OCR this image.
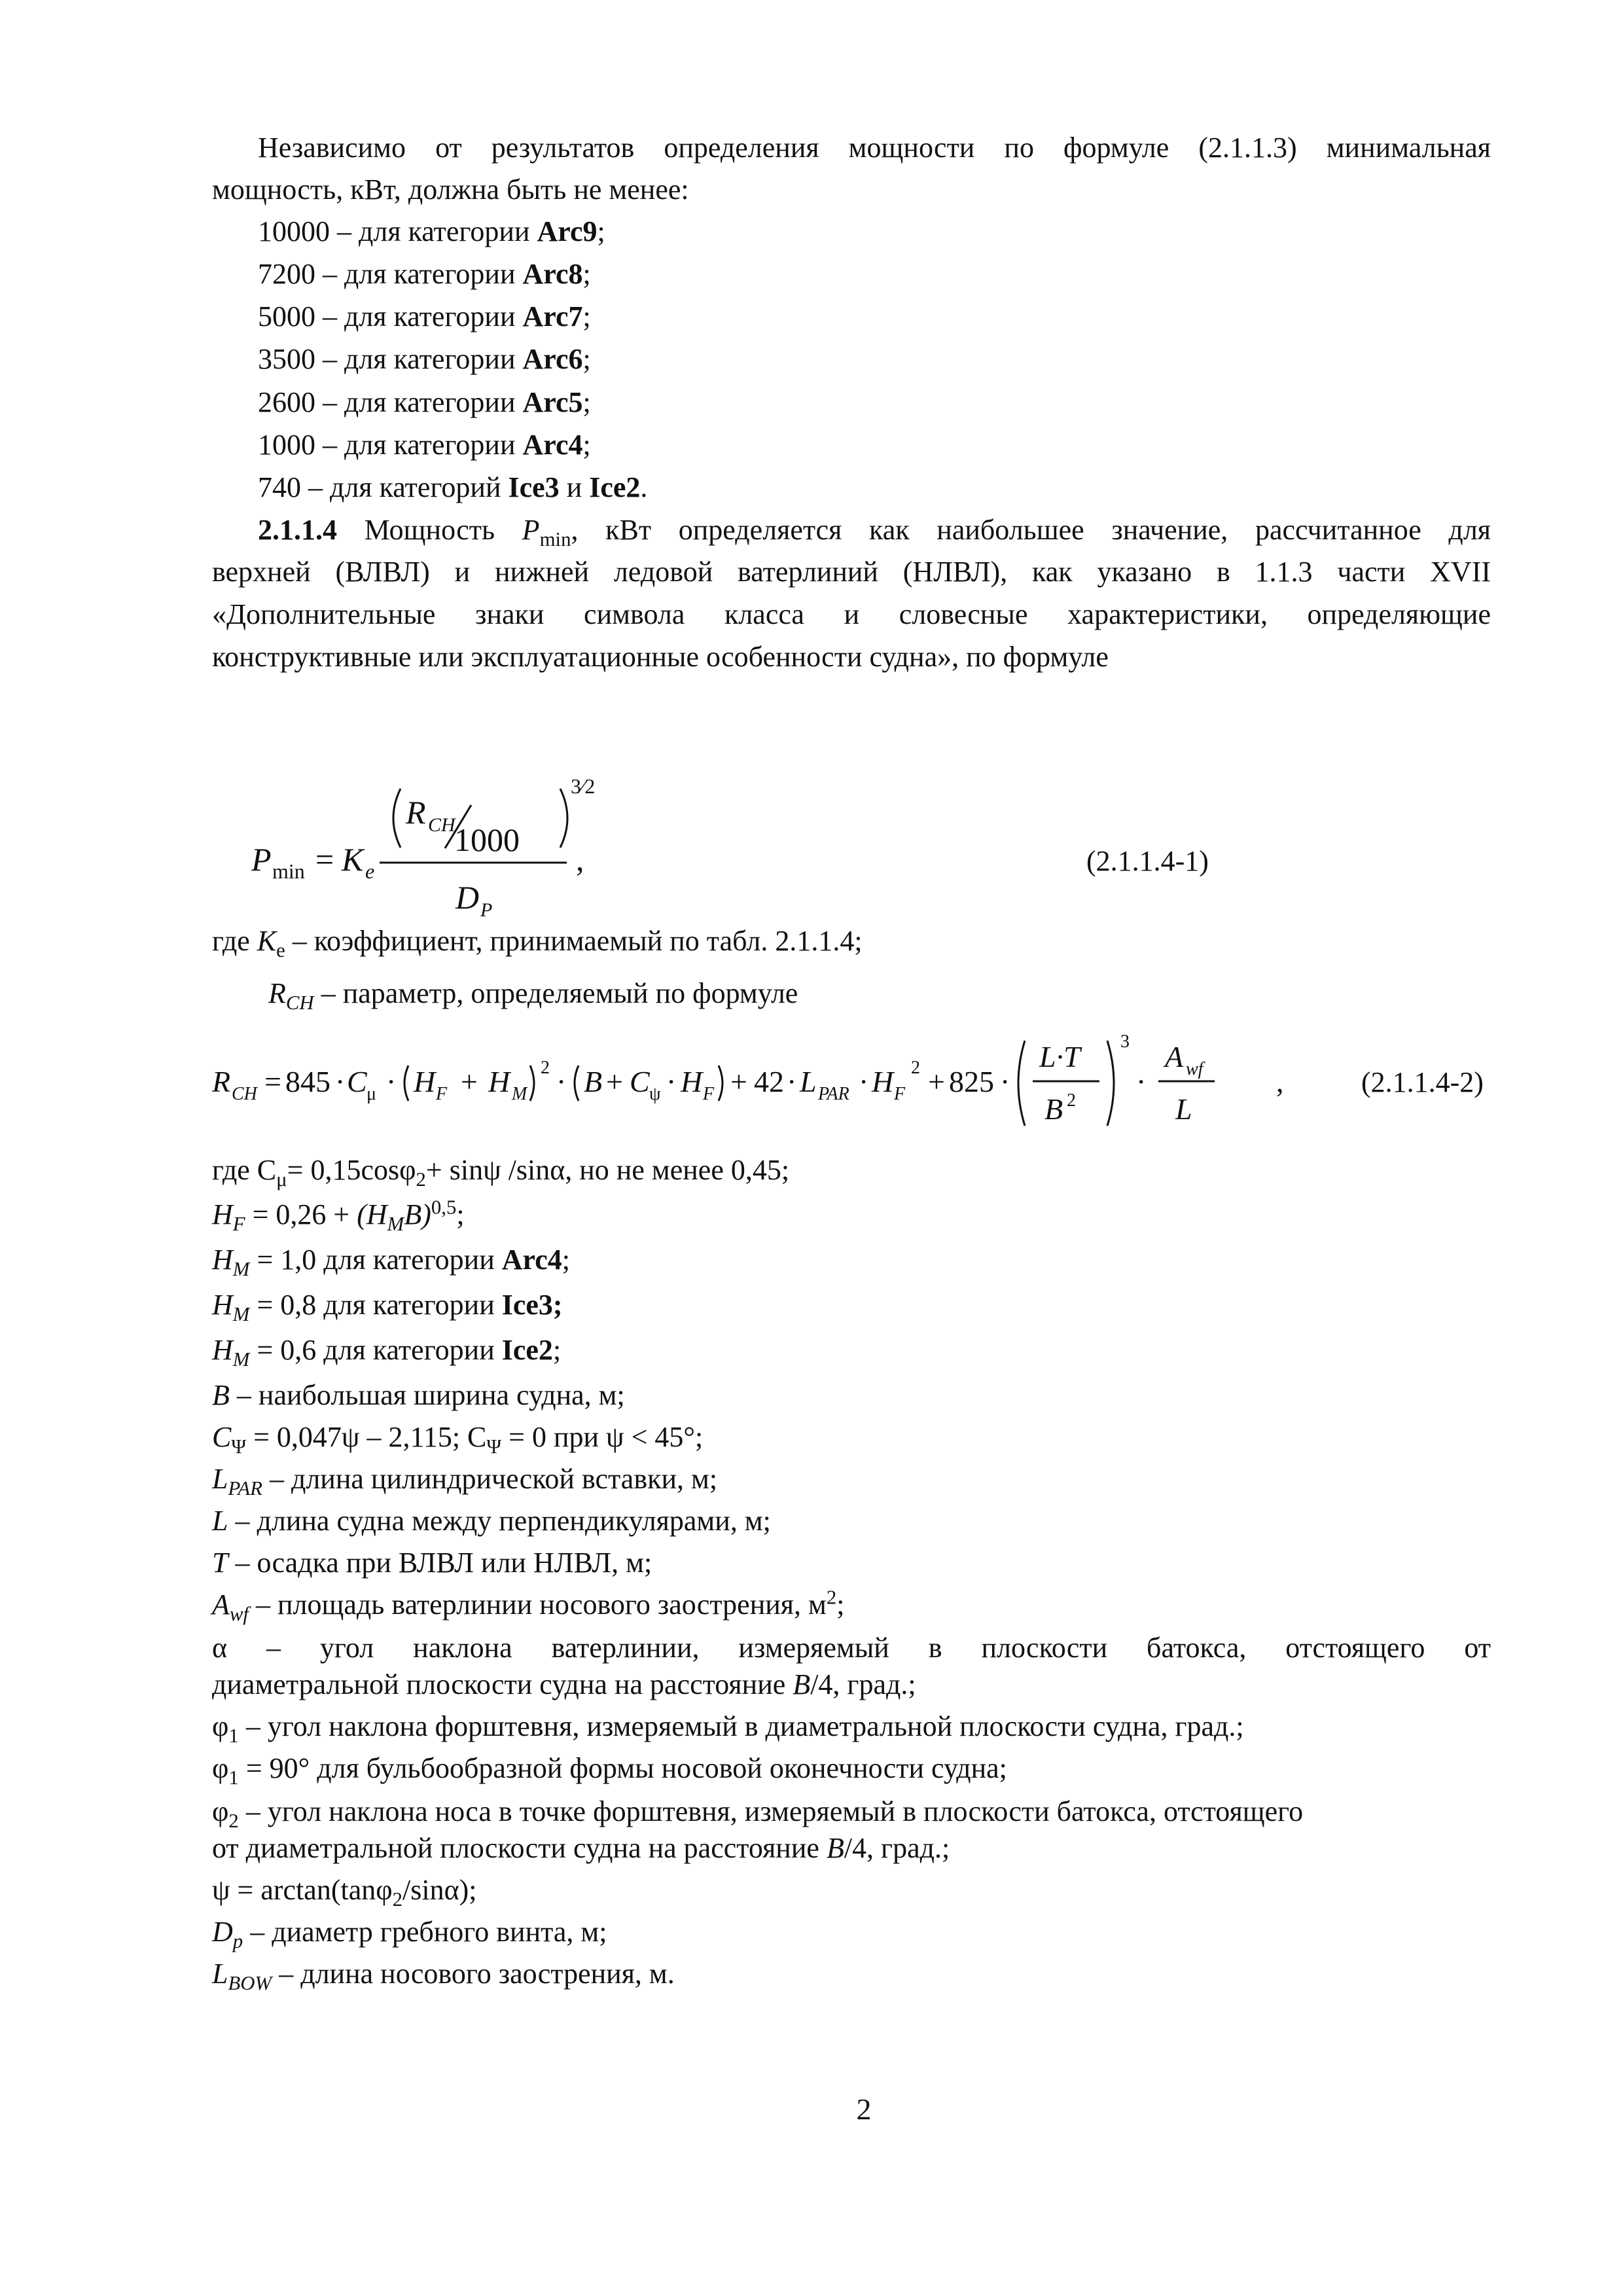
Независимо от результатов определения мощности по формуле (2.1.1.3) минимальная
мощность, кВт, должна быть не менее:
10000 – для категории Arc9;
7200 – для категории Arc8;
5000 – для категории Arc7;
3500 – для категории Arc6;
2600 – для категории Arc5;
1000 – для категории Arc4;
740 – для категорий Ice3 и Ice2.
2.1.1.4 Мощность $P_{min}$, кВт определяется как наибольшее значение, рассчитанное для
верхней (ВЛВЛ) и нижней ледовой ватерлиний (НЛВЛ), как указано в 1.1.3 части XVII
«Дополнительные знаки символа класса и словесные характеристики, определяющие
конструктивные или эксплуатационные особенности судна», по формуле
P min = K e
R CH
1000
3⁄2
D P
,	(2.1.1.4-1)
где $K_e$ – коэффициент, принимаемый по табл. 2.1.1.4;
$R_{CH}$ – параметр, определяемый по формуле
R CH = 845 · C μ · H F + H M
2 · B + C ψ · H F + 42 · L PAR · H F
2 + 825 ·
L·T
B 2
3
·
A wf
L
,	(2.1.1.4-2)
где $C_\mu= 0,15\cos\varphi_2+ \sin\psi$ /sinα, но не менее 0,45;
$H_F = 0,26 + (H_MB)^{0,5}$;
$H_M = 1,0$ для категории Arc4;
$H_M = 0,8$ для категории Ice3;
$H_M = 0,6$ для категории Ice2;
B – наибольшая ширина судна, м;
$C_\Psi = 0,047\psi - 2,115$; $C_\Psi = 0$ при ψ < 45°;
$L_{PAR}$ – длина цилиндрической вставки, м;
L – длина судна между перпендикулярами, м;
T – осадка при ВЛВЛ или НЛВЛ, м;
$A_{wf}$ – площадь ватерлинии носового заострения, $м^2$;
α – угол наклона ватерлинии, измеряемый в плоскости батокса, отстоящего от
диаметральной плоскости судна на расстояние B/4, град.;
$\varphi_1$ – угол наклона форштевня, измеряемый в диаметральной плоскости судна, град.;
$\varphi_1 = 90^\circ$ для бульбообразной формы носовой оконечности судна;
$\varphi_2$ – угол наклона носа в точке форштевня, измеряемый в плоскости батокса, отстоящего
от диаметральной плоскости судна на расстояние B/4, град.;
ψ = arctan(tanφ$_2$/sinα);
$D_p$ – диаметр гребного винта, м;
$L_{BOW}$ – длина носового заострения, м.
2
